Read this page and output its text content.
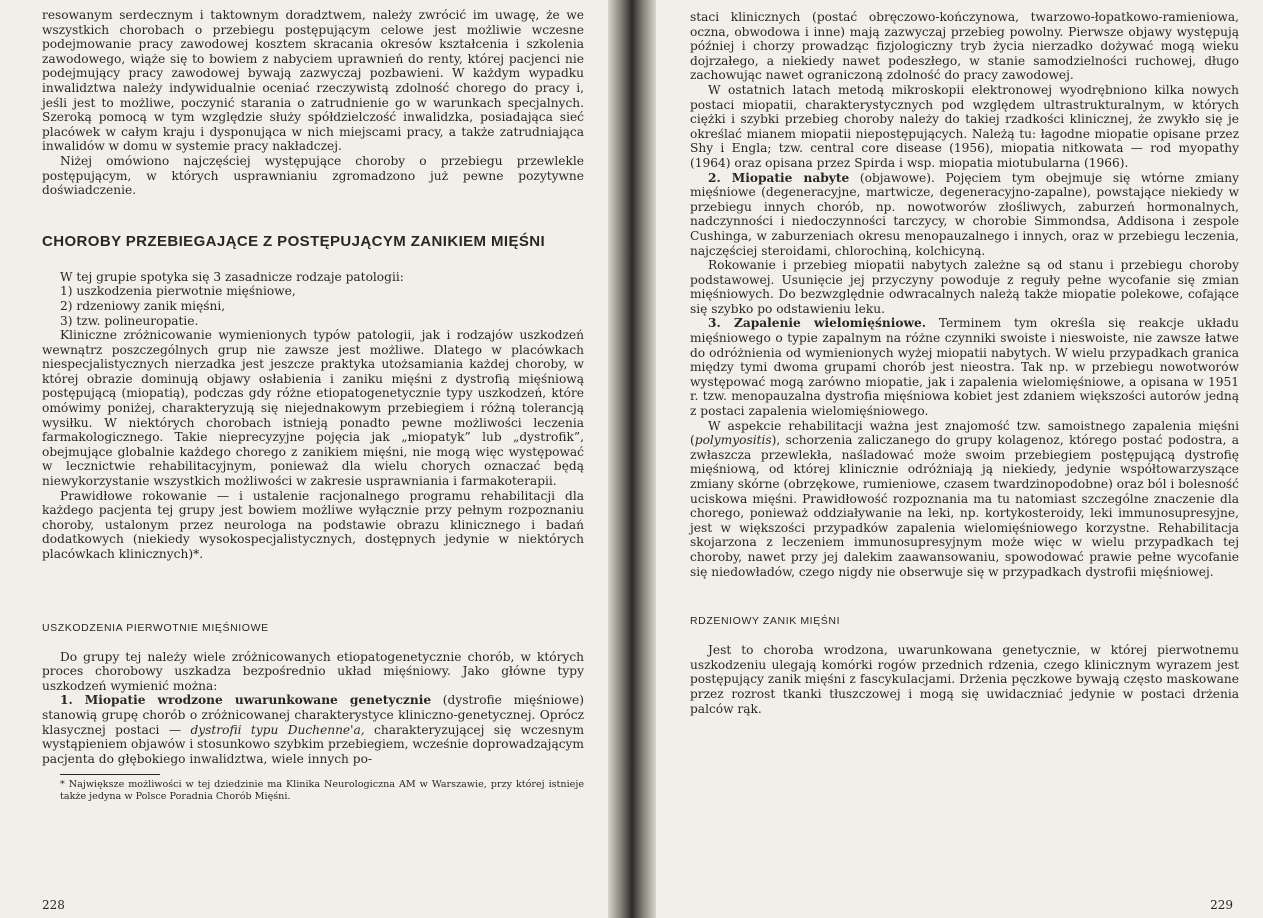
resowanym serdecznym i taktownym doradztwem, należy zwrócić im uwagę, że we wszystkich chorobach o przebiegu postępującym celowe jest możliwie wczesne podejmowanie pracy zawodowej kosztem skracania okresów kształcenia i szkolenia zawodowego, wiąże się to bowiem z nabyciem uprawnień do renty, której pacjenci nie podejmujący pracy zawodowej bywają zazwyczaj pozbawieni. W każdym wypadku inwalidztwa należy indywidualnie oceniać rzeczywistą zdolność chorego do pracy i, jeśli jest to możliwe, poczynić starania o zatrudnienie go w warunkach specjalnych. Szeroką pomocą w tym względzie służy spółdzielczość inwalidzka, posiadająca sieć placówek w całym kraju i dysponująca w nich miejscami pracy, a także zatrudniająca inwalidów w domu w systemie pracy nakładczej.

Niżej omówiono najczęściej występujące choroby o przebiegu przewlekle postępującym, w których usprawnianiu zgromadzono już pewne pozytywne doświadczenie.

CHOROBY PRZEBIEGAJĄCE Z POSTĘPUJĄCYM ZANIKIEM MIĘŚNI

W tej grupie spotyka się 3 zasadnicze rodzaje patologii:

1) uszkodzenia pierwotnie mięśniowe,
2) rdzeniowy zanik mięśni,
3) tzw. polineuropatie.

Kliniczne zróżnicowanie wymienionych typów patologii, jak i rodzajów uszkodzeń wewnątrz poszczególnych grup nie zawsze jest możliwe. Dlatego w placówkach niespecjalistycznych nierzadka jest jeszcze praktyka utożsamiania każdej choroby, w której obrazie dominują objawy osłabienia i zaniku mięśni z dystrofią mięśniową postępującą (miopatią), podczas gdy różne etiopatogenetycznie typy uszkodzeń, które omówimy poniżej, charakteryzują się niejednakowym przebiegiem i różną tolerancją wysiłku. W niektórych chorobach istnieją ponadto pewne możliwości leczenia farmakologicznego. Takie nieprecyzyjne pojęcia jak „miopatyk” lub „dystrofik”, obejmujące globalnie każdego chorego z zanikiem mięśni, nie mogą więc występować w lecznictwie rehabilitacyjnym, ponieważ dla wielu chorych oznaczać będą niewykorzystanie wszystkich możliwości w zakresie usprawniania i farmakoterapii.

Prawidłowe rokowanie — i ustalenie racjonalnego programu rehabilitacji dla każdego pacjenta tej grupy jest bowiem możliwe wyłącznie przy pełnym rozpoznaniu choroby, ustalonym przez neurologa na podstawie obrazu klinicznego i badań dodatkowych (niekiedy wysokospecjalistycznych, dostępnych jedynie w niektórych placówkach klinicznych)*.

USZKODZENIA PIERWOTNIE MIĘŚNIOWE

Do grupy tej należy wiele zróżnicowanych etiopatogenetycznie chorób, w których proces chorobowy uszkadza bezpośrednio układ mięśniowy. Jako główne typy uszkodzeń wymienić można:

1. Miopatie wrodzone uwarunkowane genetycznie (dystrofie mięśniowe) stanowią grupę chorób o zróżnicowanej charakterystyce kliniczno-genetycznej. Oprócz klasycznej postaci — dystrofii typu Duchenne'a, charakteryzującej się wczesnym wystąpieniem objawów i stosunkowo szybkim przebiegiem, wcześnie doprowadzającym pacjenta do głębokiego inwalidztwa, wiele innych po-

* Największe możliwości w tej dziedzinie ma Klinika Neurologiczna AM w Warszawie, przy której istnieje także jedyna w Polsce Poradnia Chorób Mięśni.

228

staci klinicznych (postać obręczowo-kończynowa, twarzowo-łopatkowo-ramieniowa, oczna, obwodowa i inne) mają zazwyczaj przebieg powolny. Pierwsze objawy występują później i chorzy prowadząc fizjologiczny tryb życia nierzadko dożywać mogą wieku dojrzałego, a niekiedy nawet podeszłego, w stanie samodzielności ruchowej, długo zachowując nawet ograniczoną zdolność do pracy zawodowej.

W ostatnich latach metodą mikroskopii elektronowej wyodrębniono kilka nowych postaci miopatii, charakterystycznych pod względem ultrastrukturalnym, w których ciężki i szybki przebieg choroby należy do takiej rzadkości klinicznej, że zwykło się je określać mianem miopatii niepostępujących. Należą tu: łagodne miopatie opisane przez Shy i Engla; tzw. central core disease (1956), miopatia nitkowata — rod myopathy (1964) oraz opisana przez Spirda i wsp. miopatia miotubularna (1966).

2. Miopatie nabyte (objawowe). Pojęciem tym obejmuje się wtórne zmiany mięśniowe (degeneracyjne, martwicze, degeneracyjno-zapalne), powstające niekiedy w przebiegu innych chorób, np. nowotworów złośliwych, zaburzeń hormonalnych, nadczynności i niedoczynności tarczycy, w chorobie Simmondsa, Addisona i zespole Cushinga, w zaburzeniach okresu menopauzalnego i innych, oraz w przebiegu leczenia, najczęściej steroidami, chlorochiną, kolchicyną.

Rokowanie i przebieg miopatii nabytych zależne są od stanu i przebiegu choroby podstawowej. Usunięcie jej przyczyny powoduje z reguły pełne wycofanie się zmian mięśniowych. Do bezwzględnie odwracalnych należą także miopatie polekowe, cofające się szybko po odstawieniu leku.

3. Zapalenie wielomięśniowe. Terminem tym określa się reakcje układu mięśniowego o typie zapalnym na różne czynniki swoiste i nieswoiste, nie zawsze łatwe do odróżnienia od wymienionych wyżej miopatii nabytych. W wielu przypadkach granica między tymi dwoma grupami chorób jest nieostra. Tak np. w przebiegu nowotworów występować mogą zarówno miopatie, jak i zapalenia wielomięśniowe, a opisana w 1951 r. tzw. menopauzalna dystrofia mięśniowa kobiet jest zdaniem większości autorów jedną z postaci zapalenia wielomięśniowego.

W aspekcie rehabilitacji ważna jest znajomość tzw. samoistnego zapalenia mięśni (polymyositis), schorzenia zaliczanego do grupy kolagenoz, którego postać podostra, a zwłaszcza przewlekła, naśladować może swoim przebiegiem postępującą dystrofię mięśniową, od której klinicznie odróżniają ją niekiedy, jedynie współtowarzyszące zmiany skórne (obrzękowe, rumieniowe, czasem twardzinopodobne) oraz ból i bolesność uciskowa mięśni. Prawidłowość rozpoznania ma tu natomiast szczególne znaczenie dla chorego, ponieważ oddziaływanie na leki, np. kortykosteroidy, leki immunosupresyjne, jest w większości przypadków zapalenia wielomięśniowego korzystne. Rehabilitacja skojarzona z leczeniem immunosupresyjnym może więc w wielu przypadkach tej choroby, nawet przy jej dalekim zaawansowaniu, spowodować prawie pełne wycofanie się niedowładów, czego nigdy nie obserwuje się w przypadkach dystrofii mięśniowej.

RDZENIOWY ZANIK MIĘŚNI

Jest to choroba wrodzona, uwarunkowana genetycznie, w której pierwotnemu uszkodzeniu ulegają komórki rogów przednich rdzenia, czego klinicznym wyrazem jest postępujący zanik mięśni z fascykulacjami. Drżenia pęczkowe bywają często maskowane przez rozrost tkanki tłuszczowej i mogą się uwidaczniać jedynie w postaci drżenia palców rąk.

229
